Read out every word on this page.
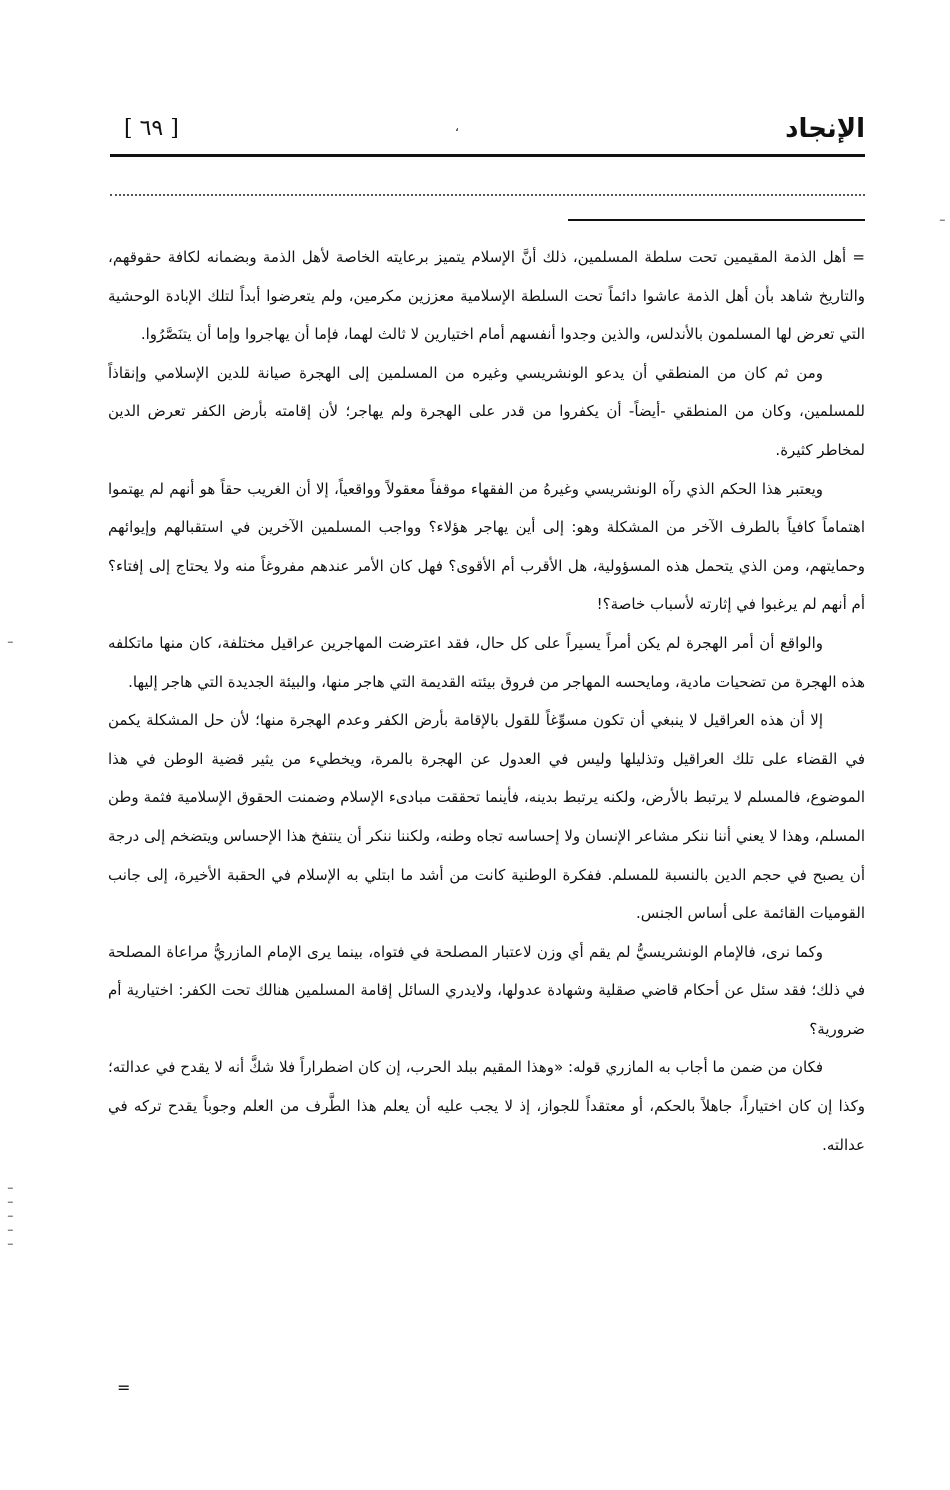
الإنجاد
،
[ ٦٩ ]

= أهل الذمة المقيمين تحت سلطة المسلمين، ذلك أنَّ الإسلام يتميز برعايته الخاصة لأهل الذمة وبضمانه لكافة حقوقهم، والتاريخ شاهد بأن أهل الذمة عاشوا دائماً تحت السلطة الإسلامية معززين مكرمين، ولم يتعرضوا أبداً لتلك الإبادة الوحشية التي تعرض لها المسلمون بالأندلس، والذين وجدوا أنفسهم أمام اختيارين لا ثالث لهما، فإما أن يهاجروا وإما أن يتنَصَّرُوا.

ومن ثم كان من المنطقي أن يدعو الونشريسي وغيره من المسلمين إلى الهجرة صيانة للدين الإسلامي وإنقاذاً للمسلمين، وكان من المنطقي -أيضاً- أن يكفروا من قدر على الهجرة ولم يهاجر؛ لأن إقامته بأرض الكفر تعرض الدين لمخاطر كثيرة.

ويعتبر هذا الحكم الذي رآه الونشريسي وغيرهُ من الفقهاء موقفاً معقولاً وواقعياً، إلا أن الغريب حقاً هو أنهم لم يهتموا اهتماماً كافياً بالطرف الآخر من المشكلة وهو: إلى أين يهاجر هؤلاء؟ وواجب المسلمين الآخرين في استقبالهم وإيوائهم وحمايتهم، ومن الذي يتحمل هذه المسؤولية، هل الأقرب أم الأقوى؟ فهل كان الأمر عندهم مفروغاً منه ولا يحتاج إلى إفتاء؟ أم أنهم لم يرغبوا في إثارته لأسباب خاصة؟!

والواقع أن أمر الهجرة لم يكن أمراً يسيراً على كل حال، فقد اعترضت المهاجرين عراقيل مختلفة، كان منها ماتكلفه هذه الهجرة من تضحيات مادية، ومايحسه المهاجر من فروق بيئته القديمة التي هاجر منها، والبيئة الجديدة التي هاجر إليها.

إلا أن هذه العراقيل لا ينبغي أن تكون مسوِّغاً للقول بالإقامة بأرض الكفر وعدم الهجرة منها؛ لأن حل المشكلة يكمن في القضاء على تلك العراقيل وتذليلها وليس في العدول عن الهجرة بالمرة، ويخطيء من يثير قضية الوطن في هذا الموضوع، فالمسلم لا يرتبط بالأرض، ولكنه يرتبط بدينه، فأينما تحققت مبادىء الإسلام وضمنت الحقوق الإسلامية فثمة وطن المسلم، وهذا لا يعني أننا ننكر مشاعر الإنسان ولا إحساسه تجاه وطنه، ولكننا ننكر أن ينتفخ هذا الإحساس ويتضخم إلى درجة أن يصبح في حجم الدين بالنسبة للمسلم. ففكرة الوطنية كانت من أشد ما ابتلي به الإسلام في الحقبة الأخيرة، إلى جانب القوميات القائمة على أساس الجنس.

وكما نرى، فالإمام الونشريسيُّ لم يقم أي وزن لاعتبار المصلحة في فتواه، بينما يرى الإمام المازريُّ مراعاة المصلحة في ذلك؛ فقد سئل عن أحكام قاضي صقلية وشهادة عدولها، ولايدري السائل إقامة المسلمين هنالك تحت الكفر: اختيارية أم ضرورية؟

فكان من ضمن ما أجاب به المازري قوله: «وهذا المقيم ببلد الحرب، إن كان اضطراراً فلا شكَّ أنه لا يقدح في عدالته؛ وكذا إن كان اختياراً، جاهلاً بالحكم، أو معتقداً للجواز، إذ لا يجب عليه أن يعلم هذا الطَّرف من العلم وجوباً يقدح تركه في عدالته.

=
ـ
ـ
ـ
ـ
ـ
ـ
ـ
